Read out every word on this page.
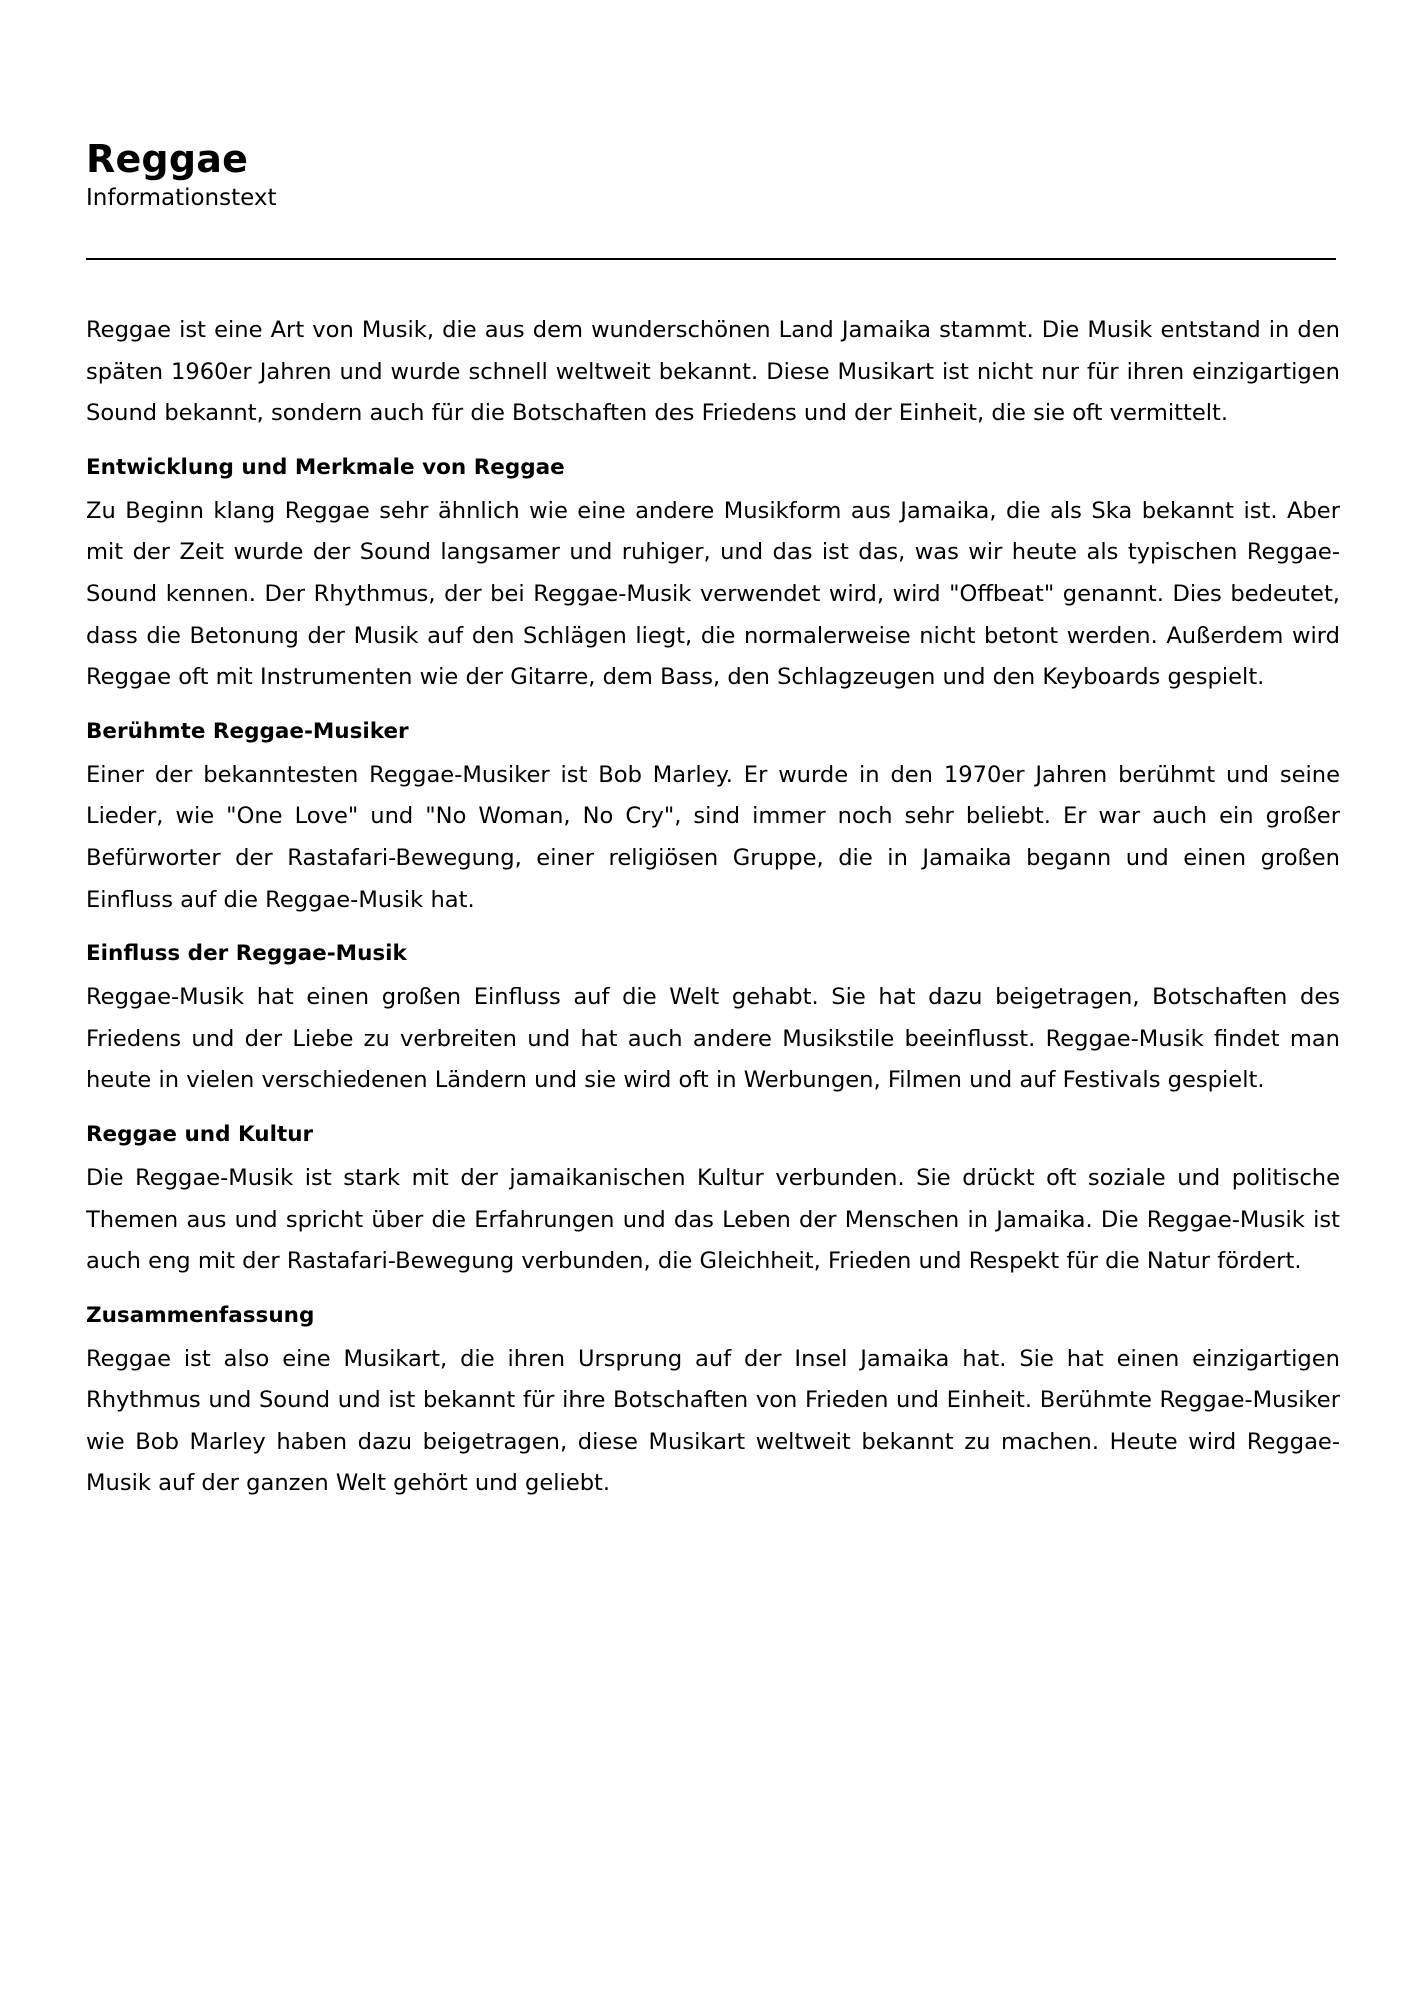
Reggae

Informationstext

Reggae ist eine Art von Musik, die aus dem wunderschönen Land Jamaika stammt. Die Musik entstand in den späten 1960er Jahren und wurde schnell weltweit bekannt. Diese Musikart ist nicht nur für ihren einzigartigen Sound bekannt, sondern auch für die Botschaften des Friedens und der Einheit, die sie oft vermittelt.

Entwicklung und Merkmale von Reggae

Zu Beginn klang Reggae sehr ähnlich wie eine andere Musikform aus Jamaika, die als Ska bekannt ist. Aber mit der Zeit wurde der Sound langsamer und ruhiger, und das ist das, was wir heute als typischen Reggae-Sound kennen. Der Rhythmus, der bei Reggae-Musik verwendet wird, wird "Offbeat" genannt. Dies bedeutet, dass die Betonung der Musik auf den Schlägen liegt, die normalerweise nicht betont werden. Außerdem wird Reggae oft mit Instrumenten wie der Gitarre, dem Bass, den Schlagzeugen und den Keyboards gespielt.

Berühmte Reggae-Musiker

Einer der bekanntesten Reggae-Musiker ist Bob Marley. Er wurde in den 1970er Jahren berühmt und seine Lieder, wie "One Love" und "No Woman, No Cry", sind immer noch sehr beliebt. Er war auch ein großer Befürworter der Rastafari-Bewegung, einer religiösen Gruppe, die in Jamaika begann und einen großen Einfluss auf die Reggae-Musik hat.

Einfluss der Reggae-Musik

Reggae-Musik hat einen großen Einfluss auf die Welt gehabt. Sie hat dazu beigetragen, Botschaften des Friedens und der Liebe zu verbreiten und hat auch andere Musikstile beeinflusst. Reggae-Musik findet man heute in vielen verschiedenen Ländern und sie wird oft in Werbungen, Filmen und auf Festivals gespielt.

Reggae und Kultur

Die Reggae-Musik ist stark mit der jamaikanischen Kultur verbunden. Sie drückt oft soziale und politische Themen aus und spricht über die Erfahrungen und das Leben der Menschen in Jamaika. Die Reggae-Musik ist auch eng mit der Rastafari-Bewegung verbunden, die Gleichheit, Frieden und Respekt für die Natur fördert.

Zusammenfassung

Reggae ist also eine Musikart, die ihren Ursprung auf der Insel Jamaika hat. Sie hat einen einzigartigen Rhythmus und Sound und ist bekannt für ihre Botschaften von Frieden und Einheit. Berühmte Reggae-Musiker wie Bob Marley haben dazu beigetragen, diese Musikart weltweit bekannt zu machen. Heute wird Reggae-Musik auf der ganzen Welt gehört und geliebt.
